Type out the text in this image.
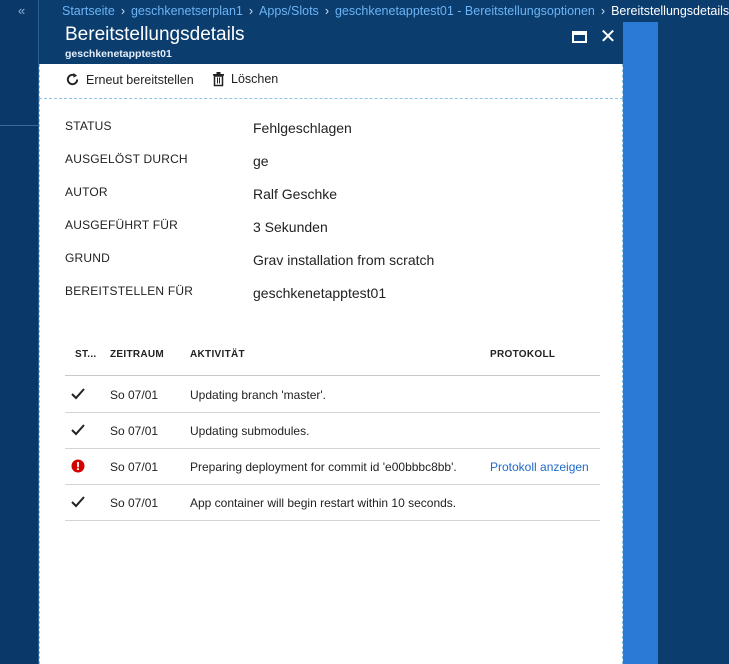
«	Startseite › geschkenetserplan1 › Apps/Slots › geschkenetapptest01 - Bereitstellungsoptionen › Bereitstellungsdetails
Bereitstellungsdetails
geschkenetapptest01
✕
Erneut bereitstellen	Löschen
STATUS	Fehlgeschlagen
AUSGELÖST DURCH	ge
AUTOR	Ralf Geschke
AUSGEFÜHRT FÜR	3 Sekunden
GRUND	Grav installation from scratch
BEREITSTELLEN FÜR	geschkenetapptest01
ST... ZEITRAUM	AKTIVITÄT	PROTOKOLL
So 07/01	Updating branch 'master'.
So 07/01	Updating submodules.
So 07/01	Preparing deployment for commit id 'e00bbbc8bb'.	Protokoll anzeigen
So 07/01	App container will begin restart within 10 seconds.
